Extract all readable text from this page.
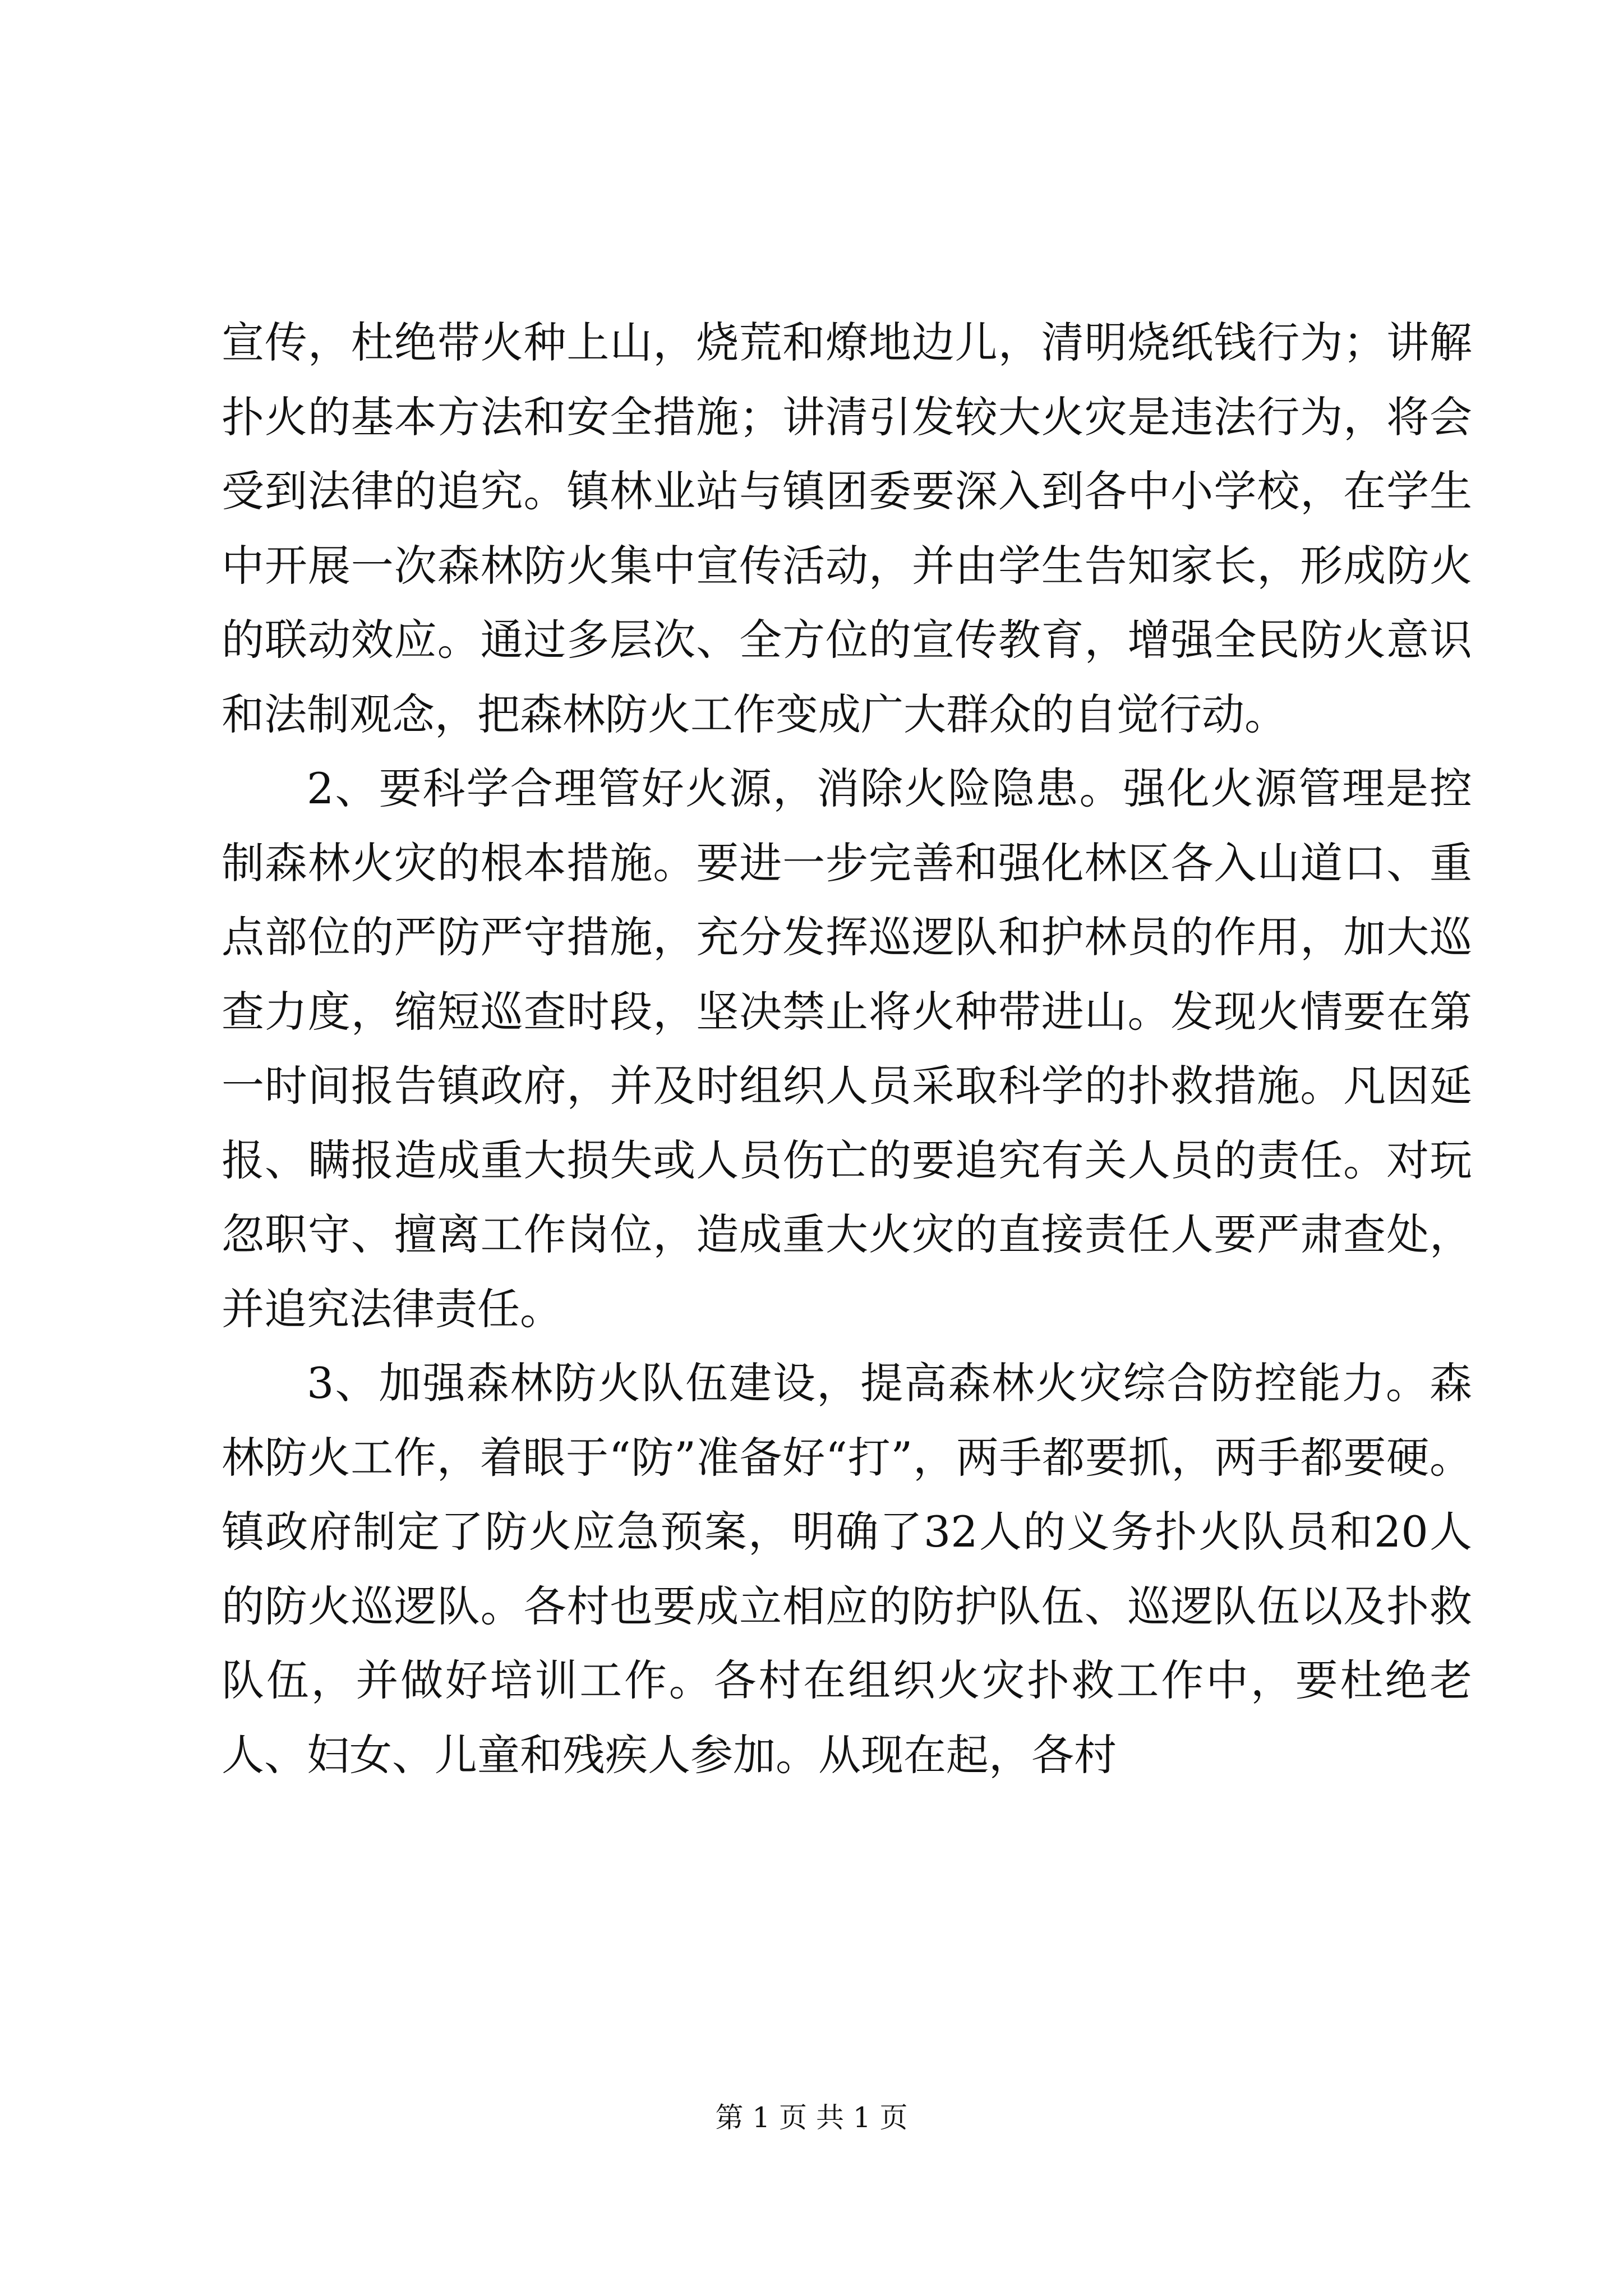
宣传，杜绝带火种上山，烧荒和燎地边儿，清明烧纸钱行为；讲解扑火的基本方法和安全措施；讲清引发较大火灾是违法行为，将会受到法律的追究。镇林业站与镇团委要深入到各中小学校，在学生中开展一次森林防火集中宣传活动，并由学生告知家长，形成防火的联动效应。通过多层次、全方位的宣传教育，增强全民防火意识和法制观念，把森林防火工作变成广大群众的自觉行动。

2、要科学合理管好火源，消除火险隐患。强化火源管理是控制森林火灾的根本措施。要进一步完善和强化林区各入山道口、重点部位的严防严守措施，充分发挥巡逻队和护林员的作用，加大巡查力度，缩短巡查时段，坚决禁止将火种带进山。发现火情要在第一时间报告镇政府，并及时组织人员采取科学的扑救措施。凡因延报、瞒报造成重大损失或人员伤亡的要追究有关人员的责任。对玩忽职守、擅离工作岗位，造成重大火灾的直接责任人要严肃查处，并追究法律责任。

3、加强森林防火队伍建设，提高森林火灾综合防控能力。森林防火工作，着眼于“防”准备好“打”，两手都要抓，两手都要硬。镇政府制定了防火应急预案，明确了32人的义务扑火队员和20人的防火巡逻队。各村也要成立相应的防护队伍、巡逻队伍以及扑救队伍，并做好培训工作。各村在组织火灾扑救工作中，要杜绝老人、妇女、儿童和残疾人参加。从现在起，各村

第 1 页 共 1 页
